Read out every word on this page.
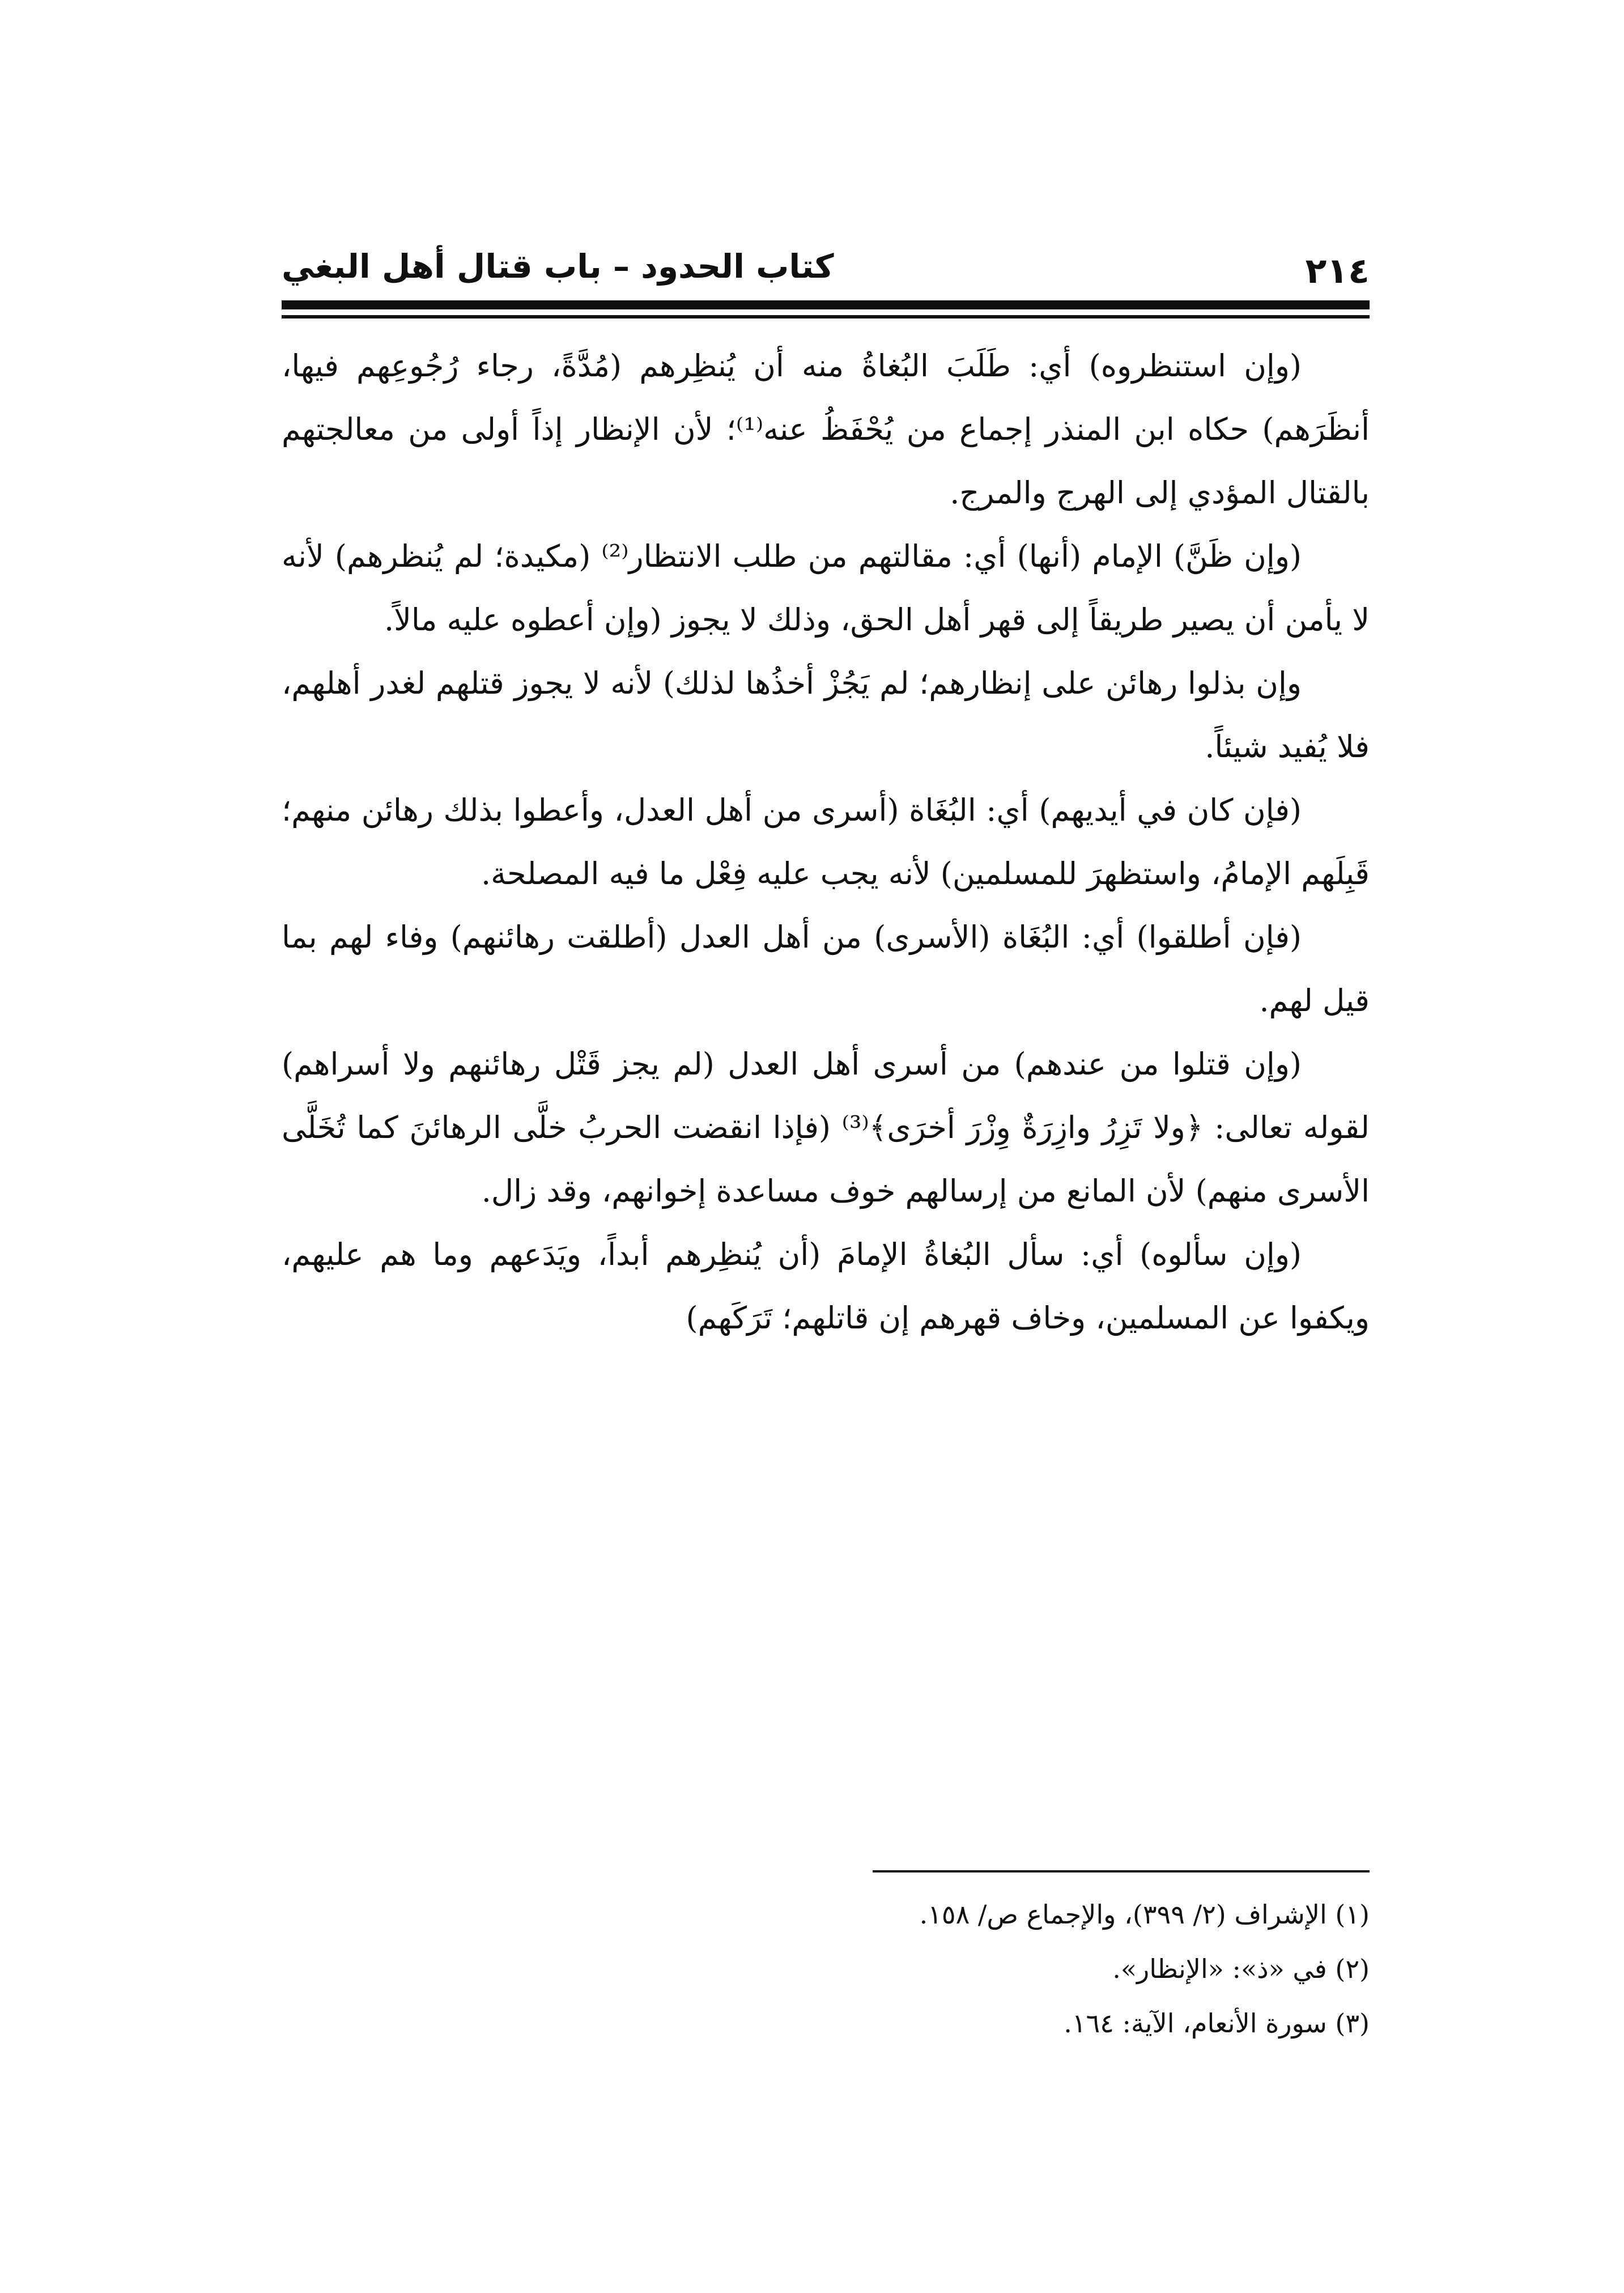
كتاب الحدود – باب قتال أهل البغي	٢١٤

(وإن استنظروه) أي: طَلَبَ البُغاةُ منه أن يُنظِرهم (مُدَّةً، رجاء رُجُوعِهم فيها، أنظَرَهم) حكاه ابن المنذر إجماع من يُحْفَظُ عنه⁽¹⁾؛ لأن الإنظار إذاً أولى من معالجتهم بالقتال المؤدي إلى الهرج والمرج.

(وإن ظَنَّ) الإمام (أنها) أي: مقالتهم من طلب الانتظار⁽²⁾ (مكيدة؛ لم يُنظرهم) لأنه لا يأمن أن يصير طريقاً إلى قهر أهل الحق، وذلك لا يجوز (وإن أعطوه عليه مالاً.

وإن بذلوا رهائن على إنظارهم؛ لم يَجُزْ أخذُها لذلك) لأنه لا يجوز قتلهم لغدر أهلهم، فلا يُفيد شيئاً.

(فإن كان في أيديهم) أي: البُغَاة (أسرى من أهل العدل، وأعطوا بذلك رهائن منهم؛ قَبِلَهم الإمامُ، واستظهرَ للمسلمين) لأنه يجب عليه فِعْل ما فيه المصلحة.

(فإن أطلقوا) أي: البُغَاة (الأسرى) من أهل العدل (أطلقت رهائنهم) وفاء لهم بما قيل لهم.

(وإن قتلوا من عندهم) من أسرى أهل العدل (لم يجز قَتْل رهائنهم ولا أسراهم) لقوله تعالى: ﴿ولا تَزِرُ وازِرَةٌ وِزْرَ أخرَى﴾⁽³⁾ (فإذا انقضت الحربُ خلَّى الرهائنَ كما تُخَلَّى الأسرى منهم) لأن المانع من إرسالهم خوف مساعدة إخوانهم، وقد زال.

(وإن سألوه) أي: سأل البُغاةُ الإمامَ (أن يُنظِرهم أبداً، ويَدَعهم وما هم عليهم، ويكفوا عن المسلمين، وخاف قهرهم إن قاتلهم؛ تَرَكَهم)

(١) الإشراف (٢/ ٣٩٩)، والإجماع ص/ ١٥٨.

(٢) في «ذ»: «الإنظار».

(٣) سورة الأنعام، الآية: ١٦٤.
